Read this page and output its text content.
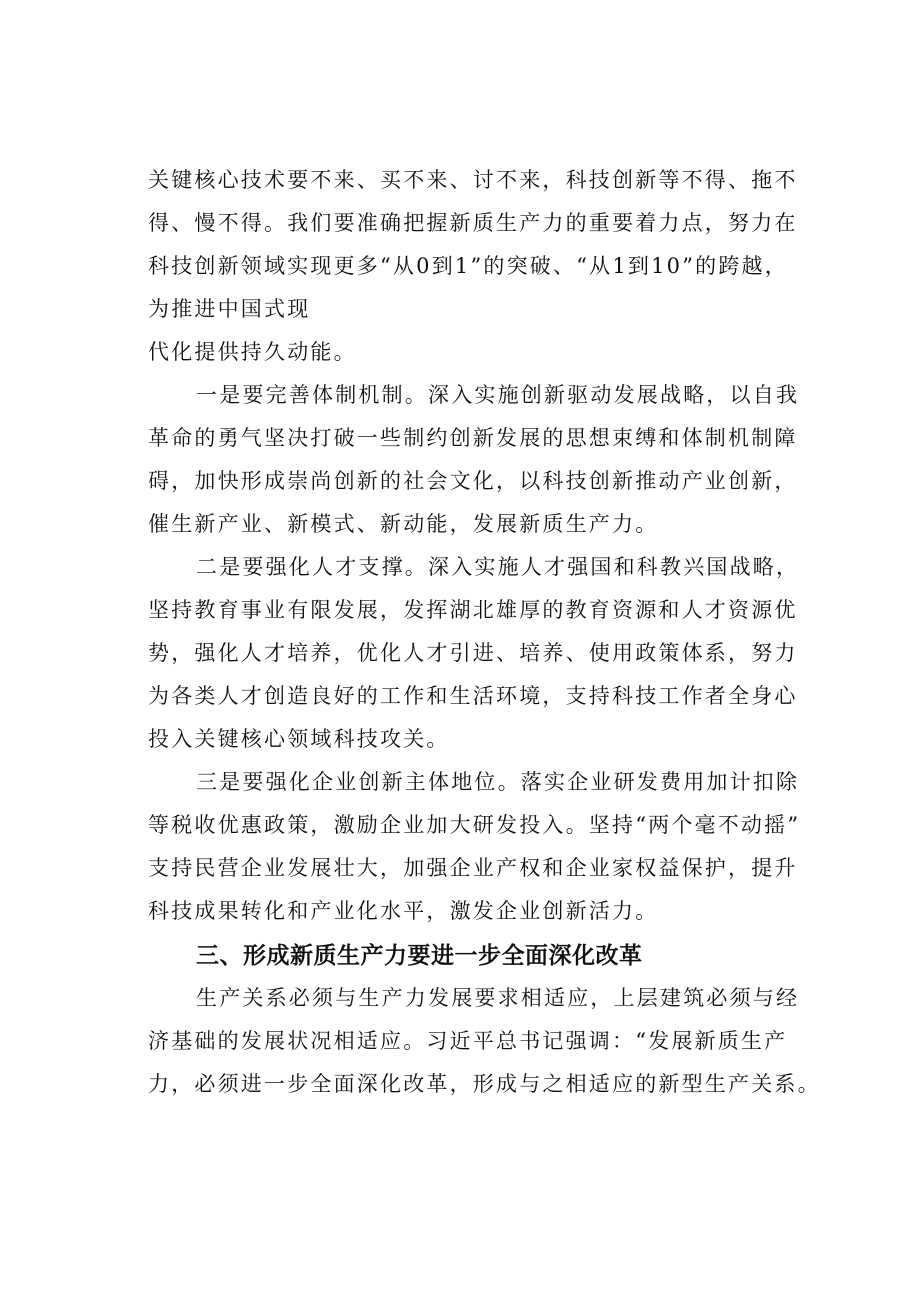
关键核心技术要不来、买不来、讨不来，科技创新等不得、拖不

得、慢不得。我们要准确把握新质生产力的重要着力点，努力在

科技创新领域实现更多“从0到1”的突破、“从1到10”的跨越，

为推进中国式现

代化提供持久动能。

一是要完善体制机制。深入实施创新驱动发展战略，以自我

革命的勇气坚决打破一些制约创新发展的思想束缚和体制机制障

碍，加快形成崇尚创新的社会文化，以科技创新推动产业创新，

催生新产业、新模式、新动能，发展新质生产力。

二是要强化人才支撑。深入实施人才强国和科教兴国战略，

坚持教育事业有限发展，发挥湖北雄厚的教育资源和人才资源优

势，强化人才培养，优化人才引进、培养、使用政策体系，努力

为各类人才创造良好的工作和生活环境，支持科技工作者全身心

投入关键核心领域科技攻关。

三是要强化企业创新主体地位。落实企业研发费用加计扣除

等税收优惠政策，激励企业加大研发投入。坚持“两个毫不动摇”

支持民营企业发展壮大，加强企业产权和企业家权益保护，提升

科技成果转化和产业化水平，激发企业创新活力。

三、形成新质生产力要进一步全面深化改革

生产关系必须与生产力发展要求相适应，上层建筑必须与经

济基础的发展状况相适应。习近平总书记强调：“发展新质生产

力，必须进一步全面深化改革，形成与之相适应的新型生产关系。
